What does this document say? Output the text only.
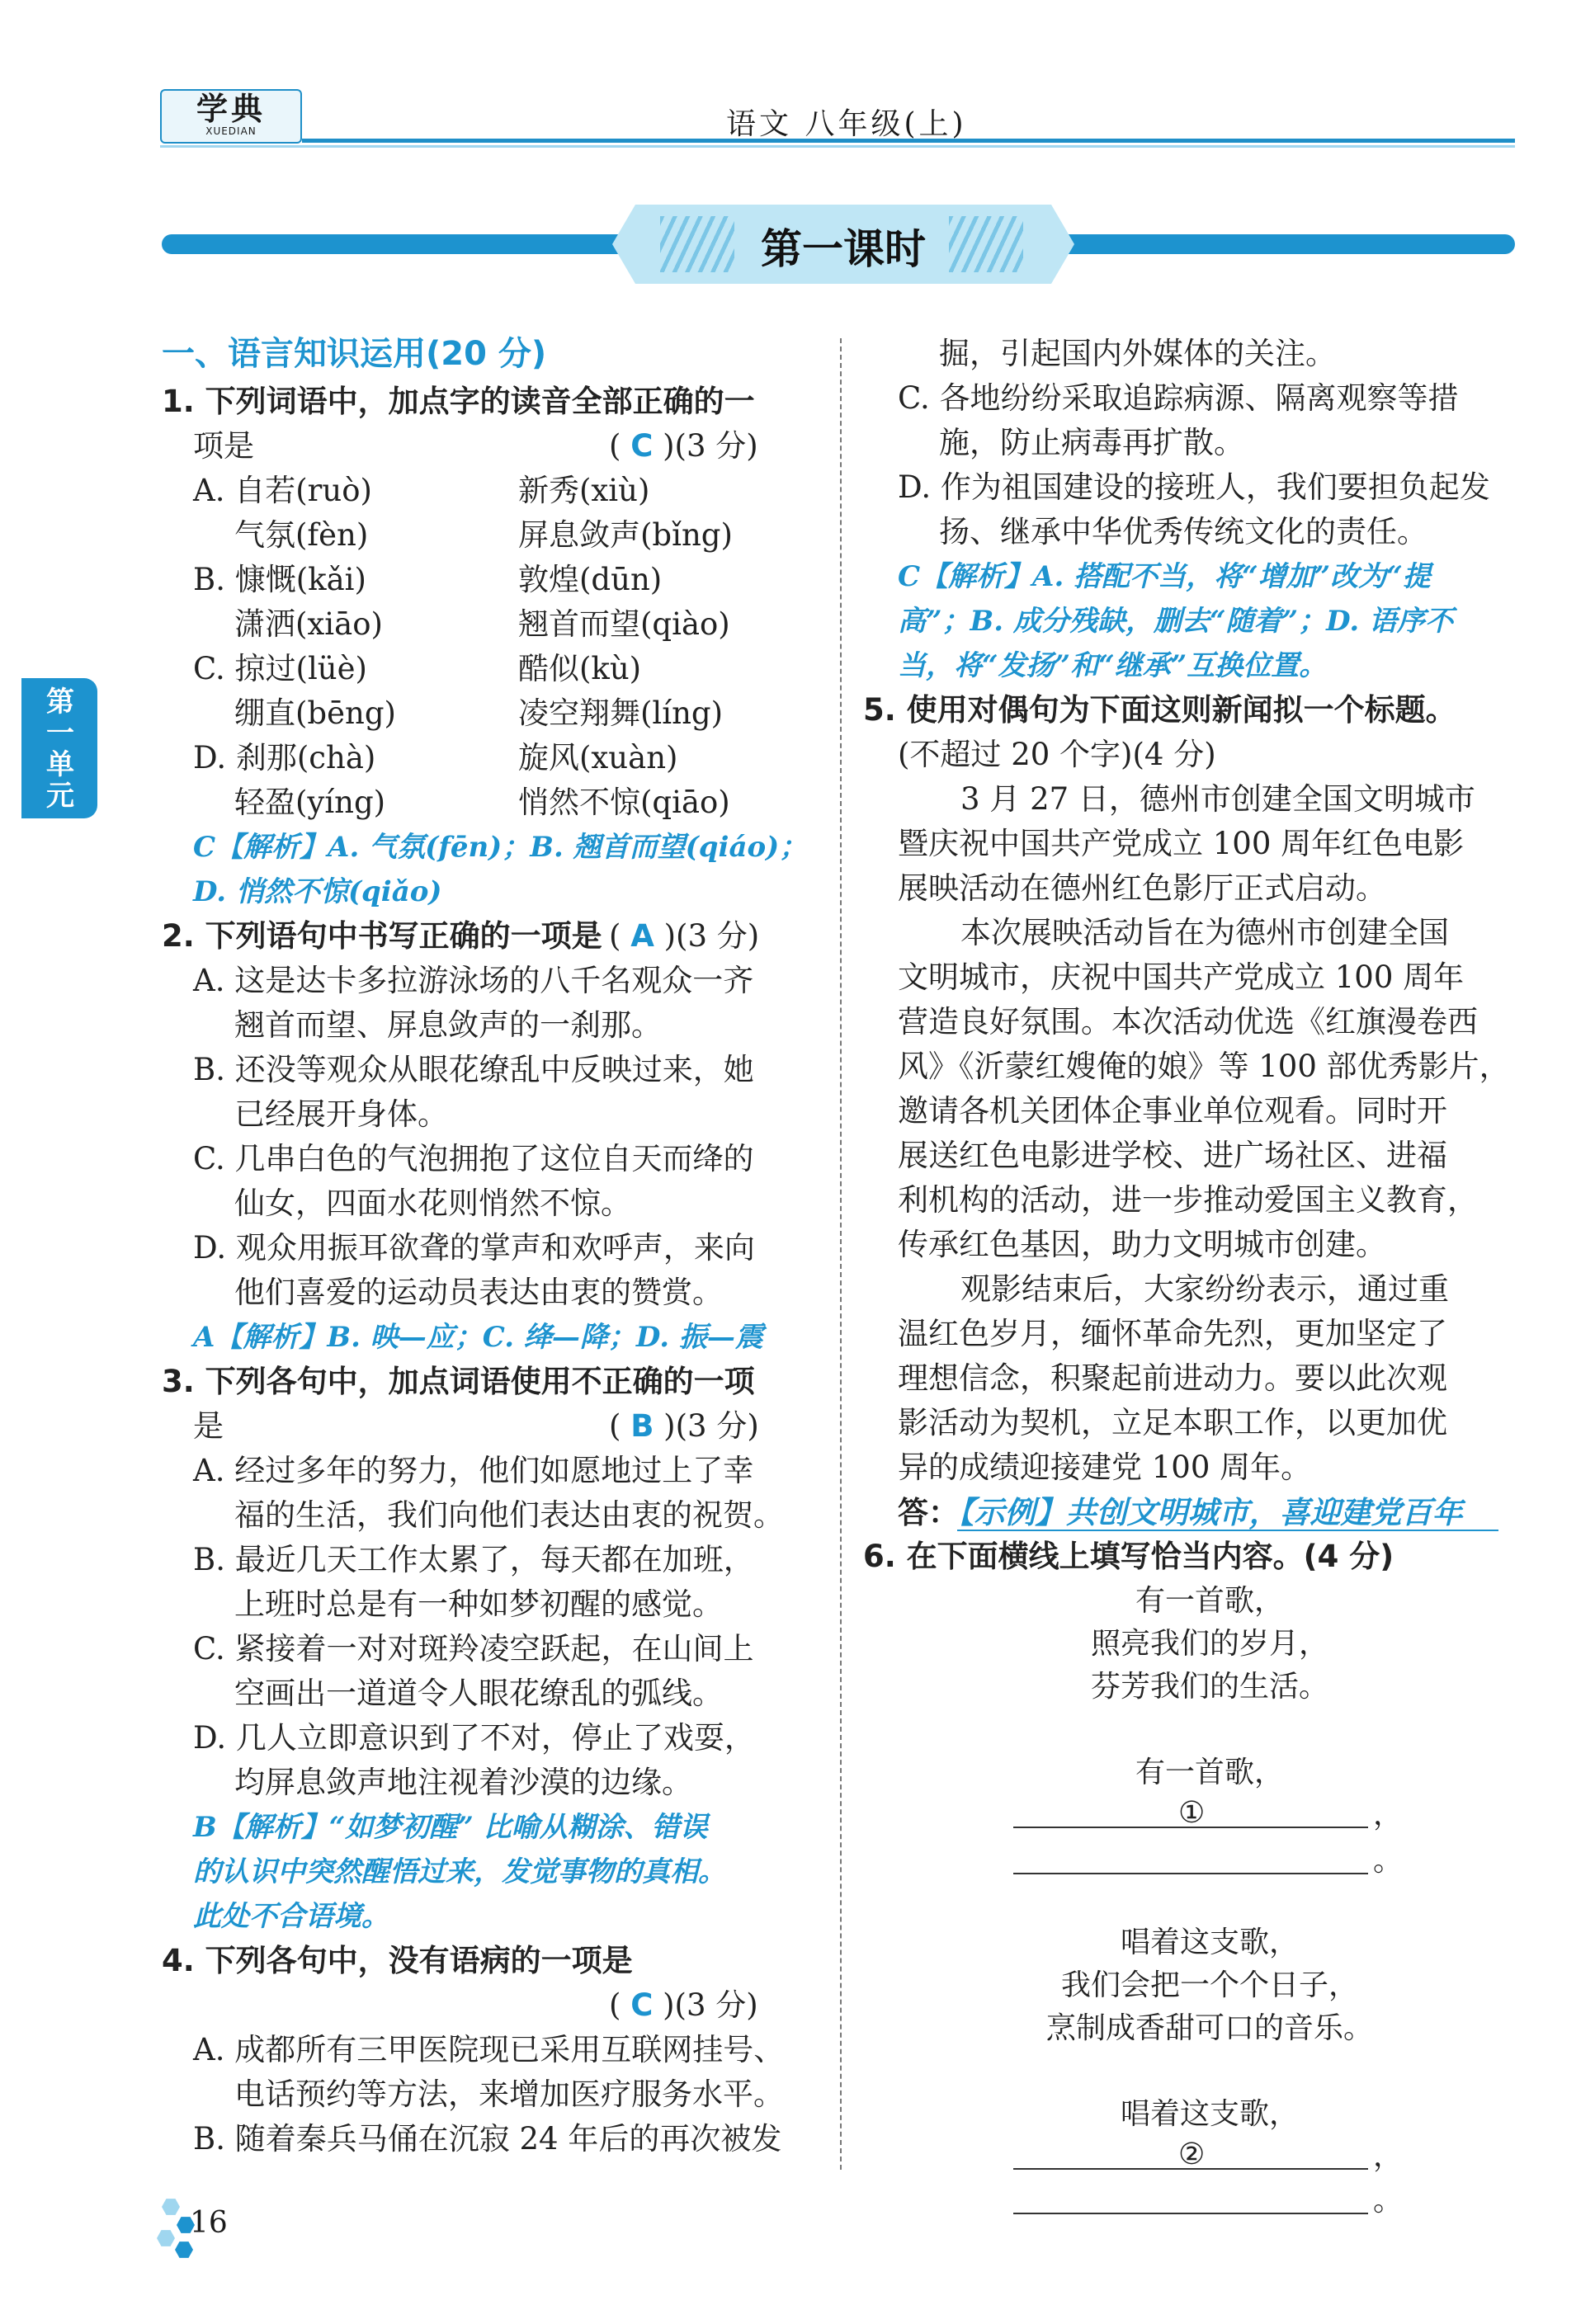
学典
XUEDIAN	语文 八年级(上)
第一课时
第一单元
一、语言知识运用(20 分)
1. 下列词语中，加点字的读音全部正确的一
项是
A. 自若(ruò)	新秀(xiù)
气氛(fèn)	屏息敛声(bǐng)
B. 慷慨(kǎi)	敦煌(dūn)
潇洒(xiāo)	翘首而望(qiào)
C. 掠过(lüè)	酷似(kù)
绷直(bēng)	凌空翔舞(líng)
D. 刹那(chà)	旋风(xuàn)
轻盈(yíng)	悄然不惊(qiāo)
2. 下列语句中书写正确的一项是
A. 这是达卡多拉游泳场的八千名观众一齐
翘首而望、屏息敛声的一刹那。
B. 还没等观众从眼花缭乱中反映过来，她
已经展开身体。
C. 几串白色的气泡拥抱了这位自天而绛的
仙女，四面水花则悄然不惊。
D. 观众用振耳欲聋的掌声和欢呼声，来向
他们喜爱的运动员表达由衷的赞赏。
3. 下列各句中，加点词语使用不正确的一项
是
A. 经过多年的努力，他们如愿地过上了幸
福的生活，我们向他们表达由衷的祝贺。
B. 最近几天工作太累了，每天都在加班，
上班时总是有一种如梦初醒的感觉。
C. 紧接着一对对斑羚凌空跃起，在山间上
空画出一道道令人眼花缭乱的弧线。
D. 几人立即意识到了不对，停止了戏耍，
均屏息敛声地注视着沙漠的边缘。
4. 下列各句中，没有语病的一项是
A. 成都所有三甲医院现已采用互联网挂号、
电话预约等方法，来增加医疗服务水平。
B. 随着秦兵马俑在沉寂 24 年后的再次被发
( C )(3 分)
( A )(3 分)
( B )(3 分)
( C )(3 分)
C【解析】A. 气氛(fēn)；B. 翘首而望(qiáo)；
D. 悄然不惊(qiǎo)
A【解析】B. 映—应；C. 绛—降；D. 振—震
B【解析】“如梦初醒” 比喻从糊涂、错误
的认识中突然醒悟过来，发觉事物的真相。
此处不合语境。
掘，引起国内外媒体的关注。
C. 各地纷纷采取追踪病源、隔离观察等措
施，防止病毒再扩散。
D. 作为祖国建设的接班人，我们要担负起发
扬、继承中华优秀传统文化的责任。
5. 使用对偶句为下面这则新闻拟一个标题。
(不超过 20 个字)(4 分)
3 月 27 日，德州市创建全国文明城市
暨庆祝中国共产党成立 100 周年红色电影
展映活动在德州红色影厅正式启动。
本次展映活动旨在为德州市创建全国
文明城市，庆祝中国共产党成立 100 周年
营造良好氛围。本次活动优选《红旗漫卷西
风》《沂蒙红嫂俺的娘》等 100 部优秀影片，
邀请各机关团体企事业单位观看。同时开
展送红色电影进学校、进广场社区、进福
利机构的活动，进一步推动爱国主义教育，
传承红色基因，助力文明城市创建。
观影结束后，大家纷纷表示，通过重
温红色岁月，缅怀革命先烈，更加坚定了
理想信念，积聚起前进动力。要以此次观
影活动为契机，立足本职工作，以更加优
异的成绩迎接建党 100 周年。
6. 在下面横线上填写恰当内容。(4 分)
C【解析】A. 搭配不当，将“增加”改为“提
高”；B. 成分残缺，删去“随着”；D. 语序不
当，将“发扬”和“继承”互换位置。
答：【示例】共创文明城市，喜迎建党百年
有一首歌，
照亮我们的岁月，
芬芳我们的生活。
有一首歌，
①	，
。
唱着这支歌，
我们会把一个个日子，
烹制成香甜可口的音乐。
唱着这支歌，
②	，
。
16
